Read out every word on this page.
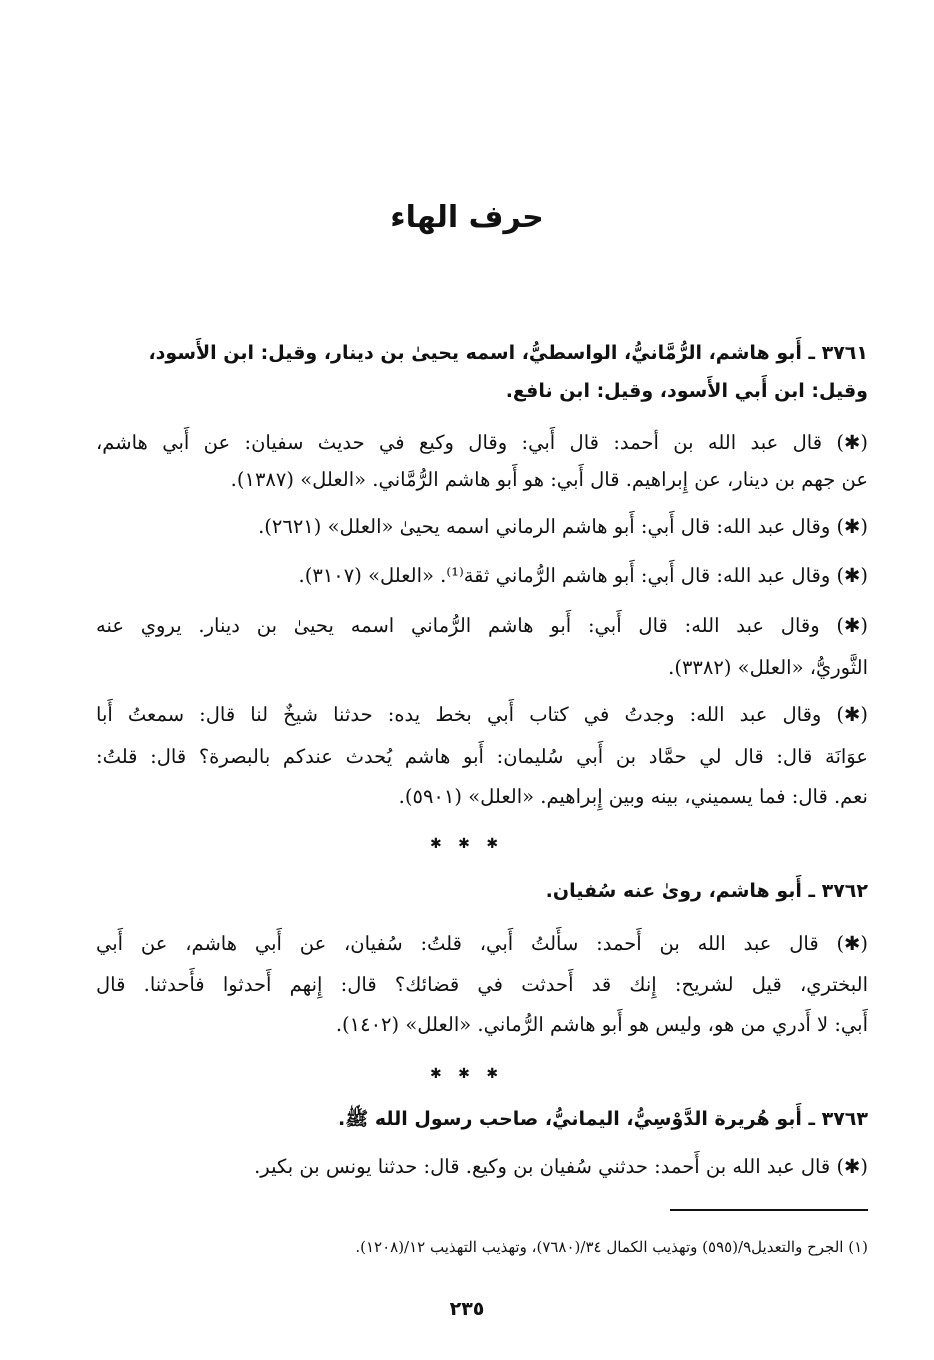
حرف الهاء
٣٧٦١ ـ أَبو هاشم، الرُّمَّانيُّ، الواسطيُّ، اسمه يحيىٰ بن دينار، وقيل: ابن الأَسود،
وقيل: ابن أَبي الأَسود، وقيل: ابن نافع.
(✱) قال عبد الله بن أحمد: قال أَبي: وقال وكيع في حديث سفيان: عن أَبي هاشم،
عن جهم بن دينار، عن إِبراهيم. قال أَبي: هو أَبو هاشم الرُّمَّاني. «العلل» (١٣٨٧).
(✱) وقال عبد الله: قال أَبي: أَبو هاشم الرماني اسمه يحيىٰ «العلل» (٢٦٢١).
(✱) وقال عبد الله: قال أَبي: أَبو هاشم الرُّماني ثقة⁽¹⁾. «العلل» (٣١٠٧).
(✱) وقال عبد الله: قال أَبي: أَبو هاشم الرُّماني اسمه يحيىٰ بن دينار. يروي عنه
الثَّوريُّ، «العلل» (٣٣٨٢).
(✱) وقال عبد الله: وجدتُ في كتاب أَبي بخط يده: حدثنا شيخٌ لنا قال: سمعتُ أَبا
عوَانَة قال: قال لي حمَّاد بن أَبي سُليمان: أَبو هاشم يُحدث عندكم بالبصرة؟ قال: قلتُ:
نعم. قال: فما يسميني، بينه وبين إِبراهيم. «العلل» (٥٩٠١).
✱ ✱ ✱
٣٧٦٢ ـ أَبو هاشم، روىٰ عنه سُفيان.
(✱) قال عبد الله بن أَحمد: سأَلتُ أَبي، قلتُ: سُفيان، عن أَبي هاشم، عن أَبي
البختري، قيل لشريح: إِنك قد أَحدثت في قضائك؟ قال: إِنهم أَحدثوا فأَحدثنا. قال
أَبي: لا أَدري من هو، وليس هو أَبو هاشم الرُّماني. «العلل» (١٤٠٢).
✱ ✱ ✱
٣٧٦٣ ـ أَبو هُريرة الدَّوْسِيُّ، اليمانيُّ، صاحب رسول الله ﷺ.
(✱) قال عبد الله بن أَحمد: حدثني سُفيان بن وكيع. قال: حدثنا يونس بن بكير.
(١) الجرح والتعديل٩/(٥٩٥) وتهذيب الكمال ٣٤/(٧٦٨٠)، وتهذيب التهذيب ١٢/(١٢٠٨).
٢٣٥
